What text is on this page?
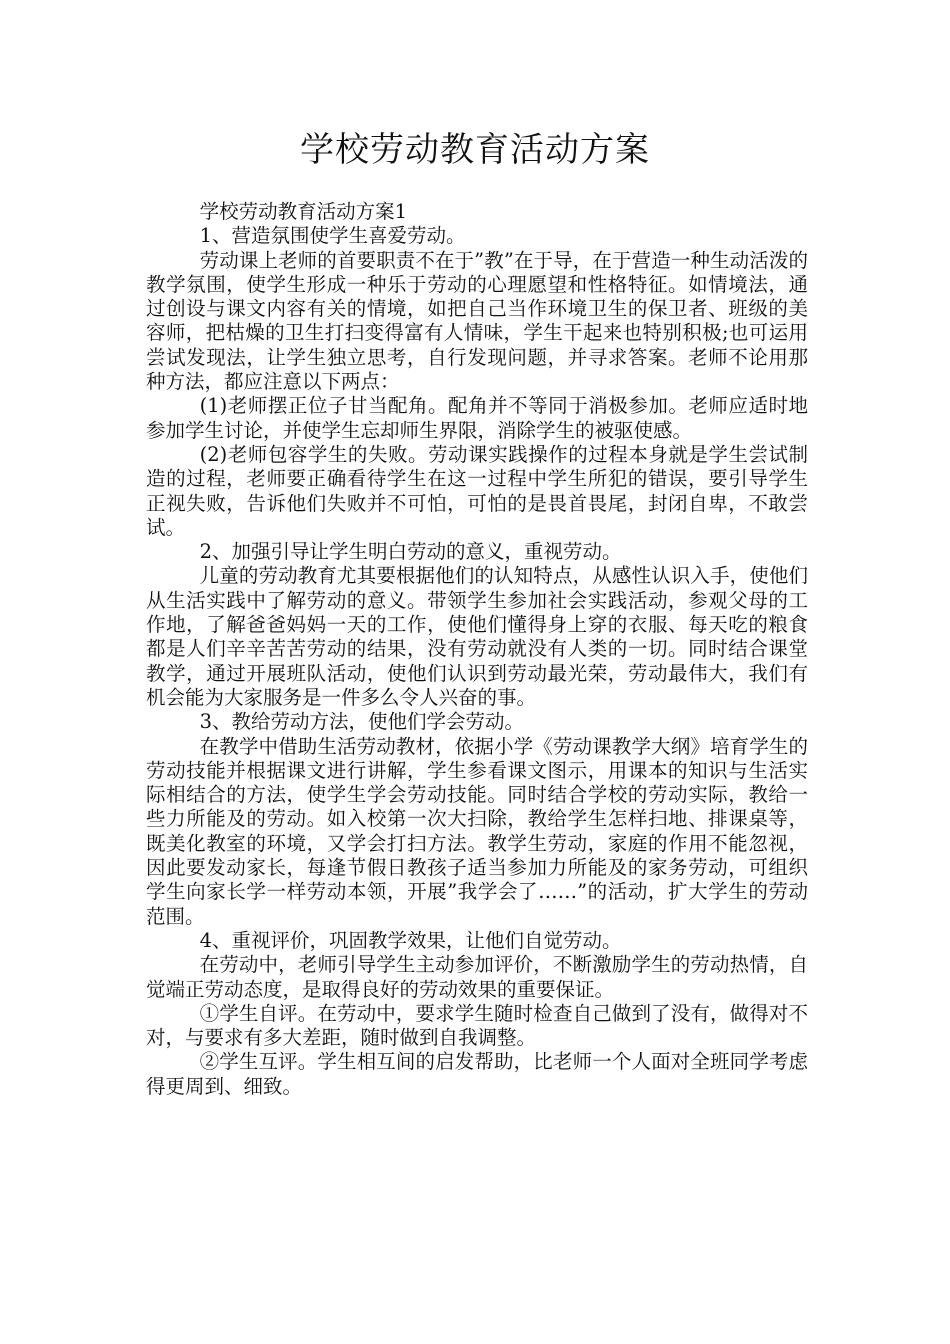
学校劳动教育活动方案

学校劳动教育活动方案1

1、营造氛围使学生喜爱劳动。

劳动课上老师的首要职责不在于”教”在于导，在于营造一种生动活泼的教学氛围，使学生形成一种乐于劳动的心理愿望和性格特征。如情境法，通过创设与课文内容有关的情境，如把自己当作环境卫生的保卫者、班级的美容师，把枯燥的卫生打扫变得富有人情味，学生干起来也特别积极;也可运用尝试发现法，让学生独立思考，自行发现问题，并寻求答案。老师不论用那种方法，都应注意以下两点：

(1)老师摆正位子甘当配角。配角并不等同于消极参加。老师应适时地参加学生讨论，并使学生忘却师生界限，消除学生的被驱使感。

(2)老师包容学生的失败。劳动课实践操作的过程本身就是学生尝试制造的过程，老师要正确看待学生在这一过程中学生所犯的错误，要引导学生正视失败，告诉他们失败并不可怕，可怕的是畏首畏尾，封闭自卑，不敢尝试。

2、加强引导让学生明白劳动的意义，重视劳动。

儿童的劳动教育尤其要根据他们的认知特点，从感性认识入手，使他们从生活实践中了解劳动的意义。带领学生参加社会实践活动，参观父母的工作地，了解爸爸妈妈一天的工作，使他们懂得身上穿的衣服、每天吃的粮食都是人们辛辛苦苦劳动的结果，没有劳动就没有人类的一切。同时结合课堂教学，通过开展班队活动，使他们认识到劳动最光荣，劳动最伟大，我们有机会能为大家服务是一件多么令人兴奋的事。

3、教给劳动方法，使他们学会劳动。

在教学中借助生活劳动教材，依据小学《劳动课教学大纲》培育学生的劳动技能并根据课文进行讲解，学生参看课文图示，用课本的知识与生活实际相结合的方法，使学生学会劳动技能。同时结合学校的劳动实际，教给一些力所能及的劳动。如入校第一次大扫除，教给学生怎样扫地、排课桌等，既美化教室的环境，又学会打扫方法。教学生劳动，家庭的作用不能忽视，因此要发动家长，每逢节假日教孩子适当参加力所能及的家务劳动，可组织学生向家长学一样劳动本领，开展”我学会了……”的活动，扩大学生的劳动范围。

4、重视评价，巩固教学效果，让他们自觉劳动。

在劳动中，老师引导学生主动参加评价，不断激励学生的劳动热情，自觉端正劳动态度，是取得良好的劳动效果的重要保证。

①学生自评。在劳动中，要求学生随时检查自己做到了没有，做得对不对，与要求有多大差距，随时做到自我调整。

②学生互评。学生相互间的启发帮助，比老师一个人面对全班同学考虑得更周到、细致。
